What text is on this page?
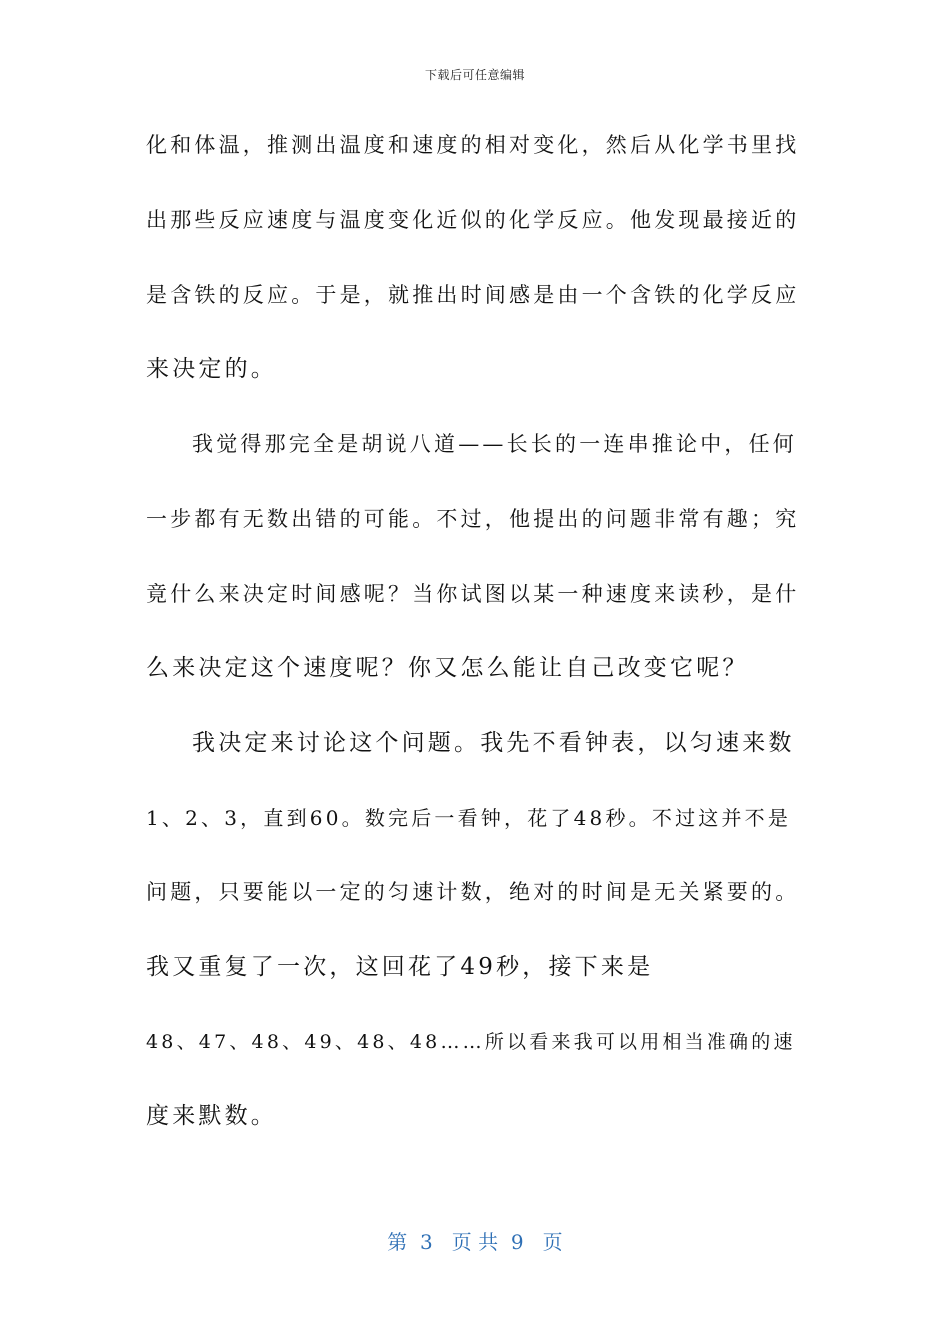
下载后可任意编辑
化和体温，推测出温度和速度的相对变化，然后从化学书里找
出那些反应速度与温度变化近似的化学反应。他发现最接近的
是含铁的反应。于是，就推出时间感是由一个含铁的化学反应
来决定的。
我觉得那完全是胡说八道——长长的一连串推论中，任何
一步都有无数出错的可能。不过，他提出的问题非常有趣；究
竟什么来决定时间感呢？当你试图以某一种速度来读秒，是什
么来决定这个速度呢？你又怎么能让自己改变它呢？
我决定来讨论这个问题。我先不看钟表，以匀速来数
1、2、3，直到60。数完后一看钟，花了48秒。不过这并不是
问题，只要能以一定的匀速计数，绝对的时间是无关紧要的。
我又重复了一次，这回花了49秒，接下来是
48、47、48、49、48、48……所以看来我可以用相当准确的速
度来默数。
第  3   页 共  9   页
